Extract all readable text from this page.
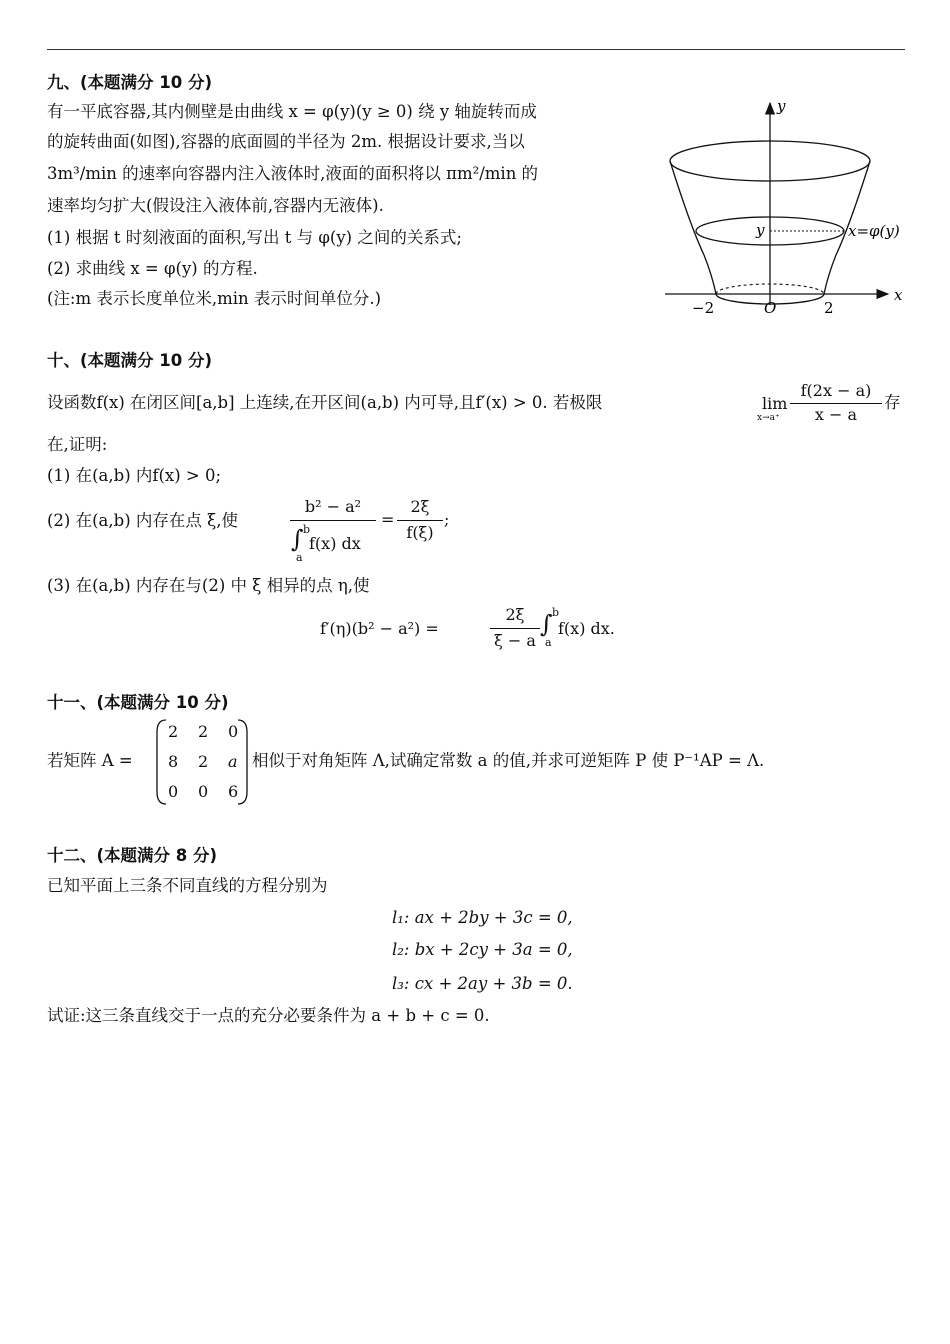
九、(本题满分 10 分)
有一平底容器,其内侧壁是由曲线 x = φ(y)(y ≥ 0) 绕 y 轴旋转而成
的旋转曲面(如图),容器的底面圆的半径为 2m. 根据设计要求,当以
3m³/min 的速率向容器内注入液体时,液面的面积将以 πm²/min 的
速率均匀扩大(假设注入液体前,容器内无液体).
(1) 根据 t 时刻液面的面积,写出 t 与 φ(y) 之间的关系式;
(2) 求曲线 x = φ(y) 的方程.
(注:m 表示长度单位米,min 表示时间单位分.)
y
x
y	x=φ(y)
−2	O	2
十、(本题满分 10 分)
设函数f(x) 在闭区间[a,b] 上连续,在开区间(a,b) 内可导,且f′(x) > 0. 若极限	lim
x→a⁺
f(2x − a)
x − a
存
在,证明:
(1) 在(a,b) 内f(x) > 0;
(2) 在(a,b) 内存在点 ξ,使
b² − a²
∫ b
a
f(x) dx
=
2ξ
f(ξ)
;
(3) 在(a,b) 内存在与(2) 中 ξ 相异的点 η,使
f′(η)(b² − a²) =
2ξ
ξ − a
∫ b
a
f(x) dx.
十一、(本题满分 10 分)
若矩阵 A =
2 2 0
8 2 a
0 0 6
相似于对角矩阵 Λ,试确定常数 a 的值,并求可逆矩阵 P 使 P⁻¹AP = Λ.
十二、(本题满分 8 分)
已知平面上三条不同直线的方程分别为
l₁: ax + 2by + 3c = 0,
l₂: bx + 2cy + 3a = 0,
l₃: cx + 2ay + 3b = 0.
试证:这三条直线交于一点的充分必要条件为 a + b + c = 0.
